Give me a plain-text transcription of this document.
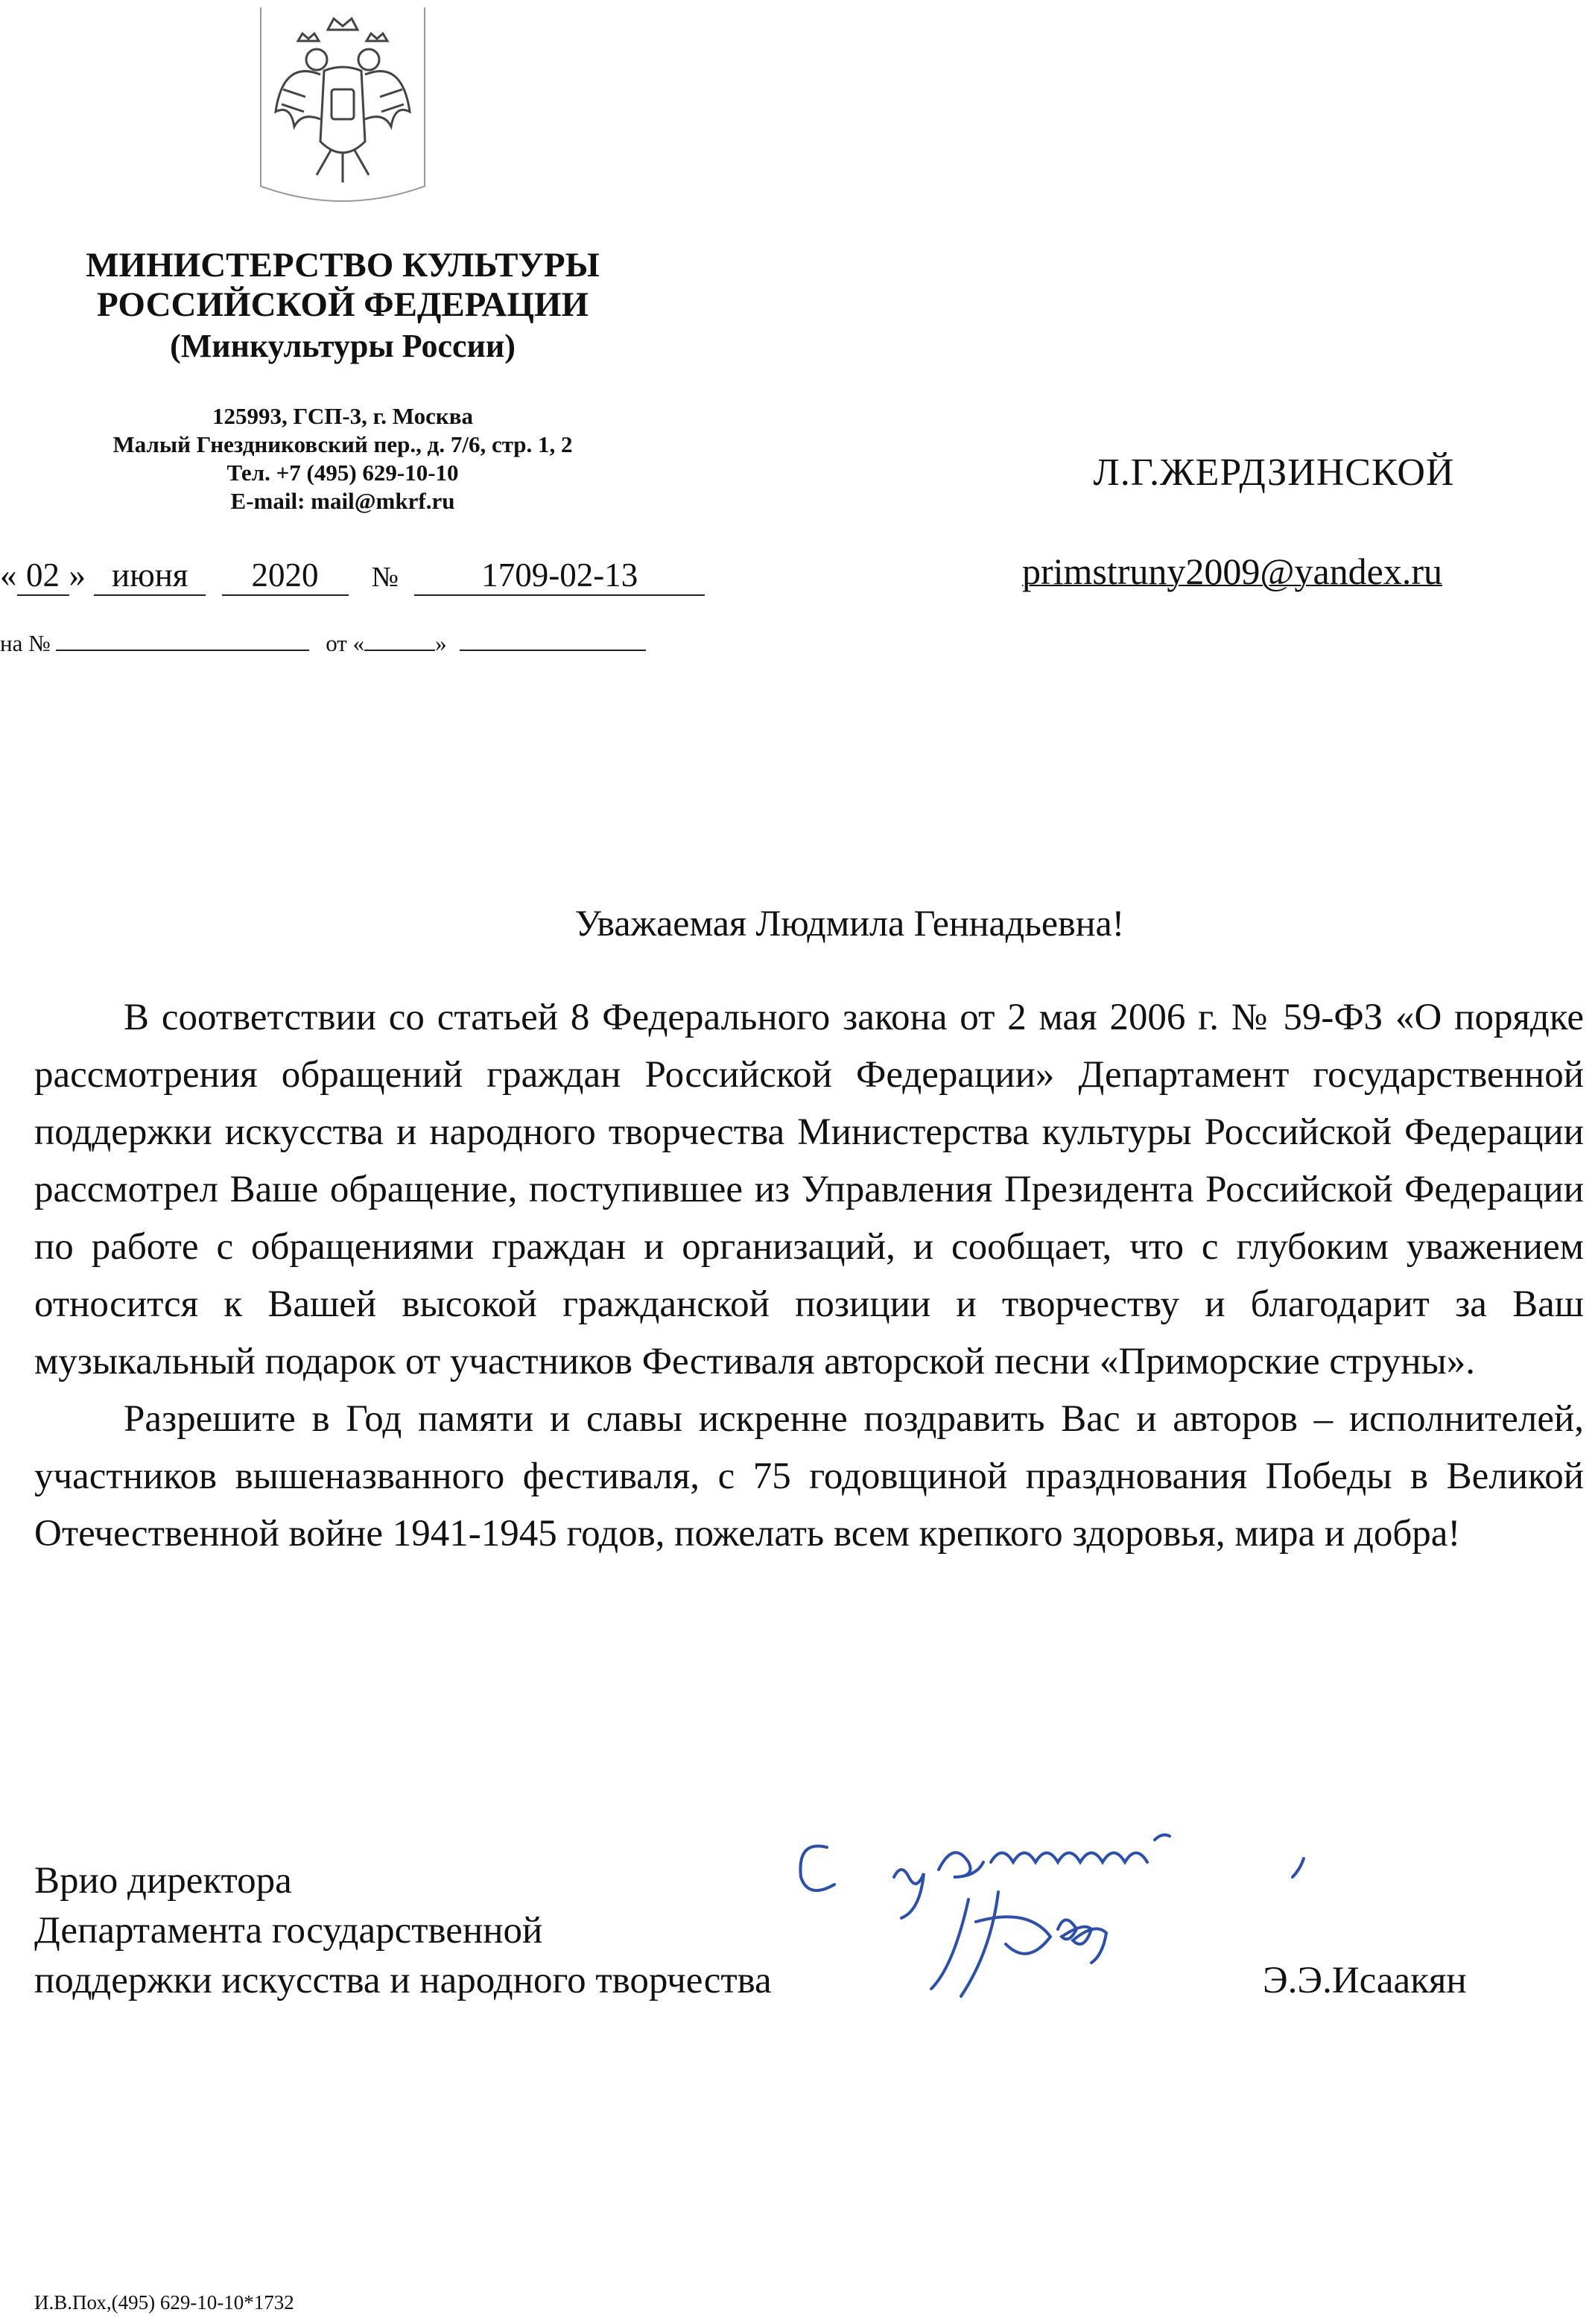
МИНИСТЕРСТВО КУЛЬТУРЫ
РОССИЙСКОЙ ФЕДЕРАЦИИ
(Минкультуры России)
125993, ГСП-3, г. Москва
Малый Гнездниковский пер., д. 7/6, стр. 1, 2
Тел. +7 (495) 629-10-10
E-mail: mail@mkrf.ru
« 02 » июня 2020 № 1709-02-13
на №	от «	»
Л.Г.ЖЕРДЗИНСКОЙ
primstruny2009@yandex.ru
Уважаемая Людмила Геннадьевна!

В соответствии со статьей 8 Федерального закона от 2 мая 2006 г. № 59-ФЗ «О порядке рассмотрения обращений граждан Российской Федерации» Департамент государственной поддержки искусства и народного творчества Министерства культуры Российской Федерации рассмотрел Ваше обращение, поступившее из Управления Президента Российской Федерации по работе с обращениями граждан и организаций, и сообщает, что с глубоким уважением относится к Вашей высокой гражданской позиции и творчеству и благодарит за Ваш музыкальный подарок от участников Фестиваля авторской песни «Приморские струны».

Разрешите в Год памяти и славы искренне поздравить Вас и авторов – исполнителей, участников вышеназванного фестиваля, с 75 годовщиной празднования Победы в Великой Отечественной войне 1941-1945 годов, пожелать всем крепкого здоровья, мира и добра!

Врио директора
Департамента государственной
поддержки искусства и народного творчества	Э.Э.Исаакян
И.В.Пох,(495) 629-10-10*1732
